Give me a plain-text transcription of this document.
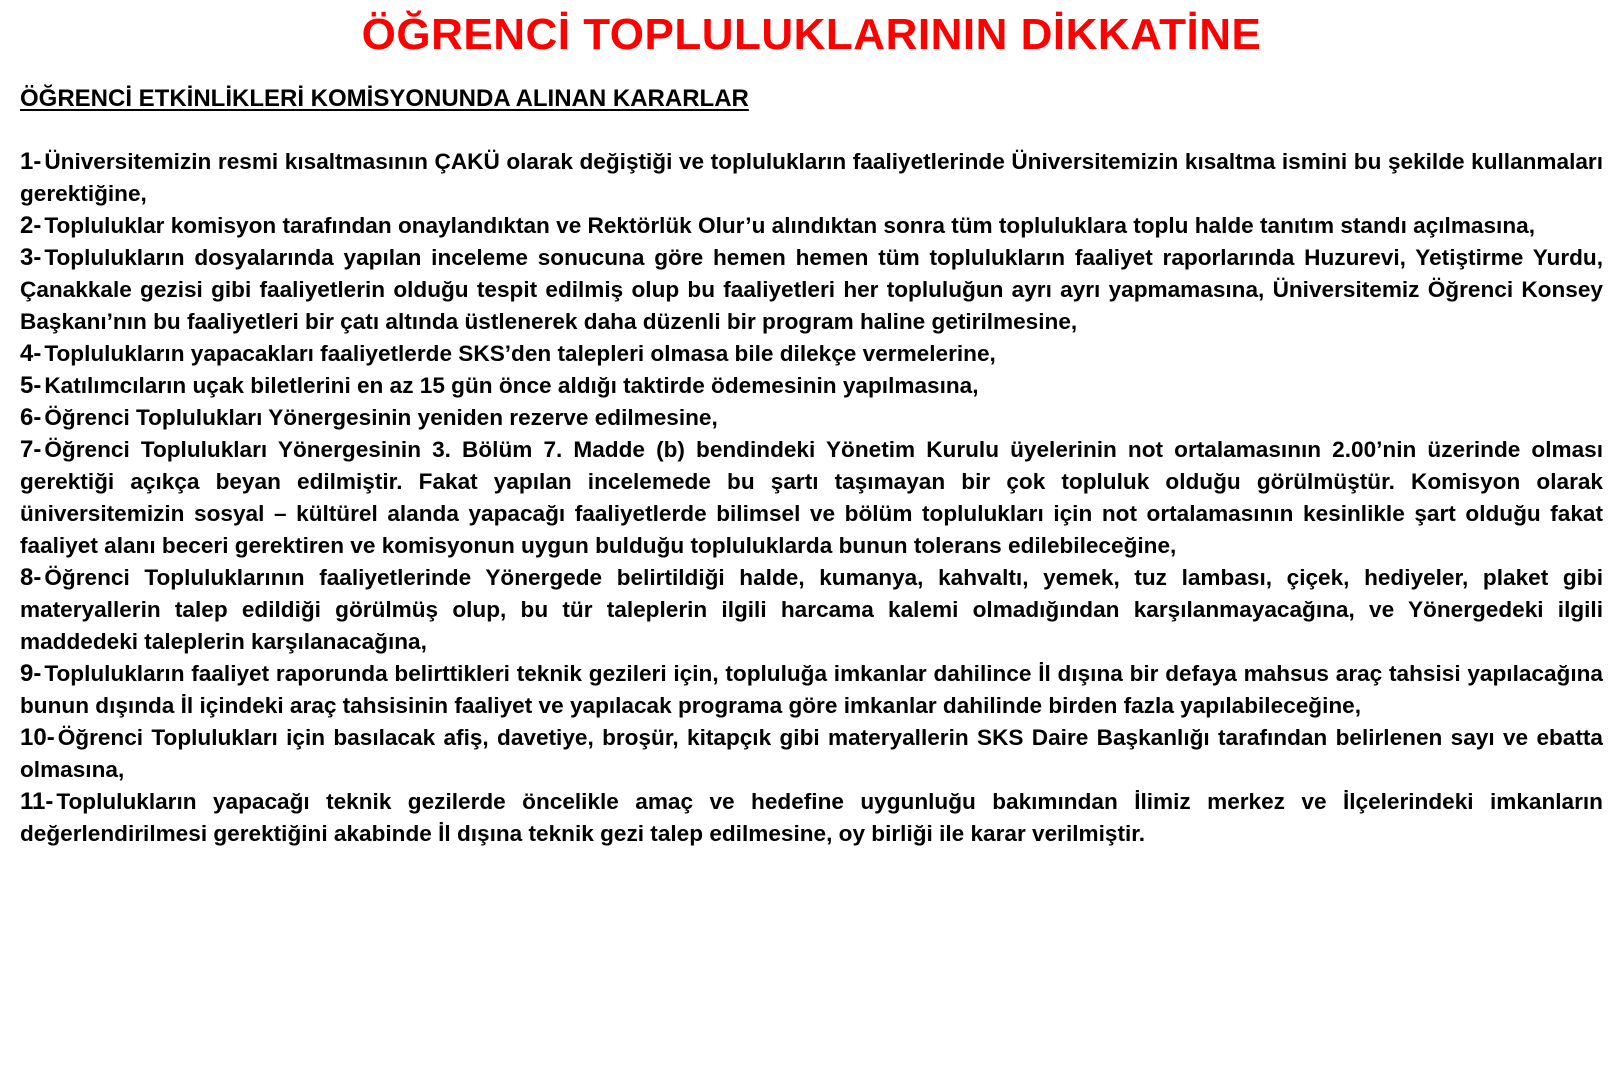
ÖĞRENCİ TOPLULUKLARININ DİKKATİNE
ÖĞRENCİ ETKİNLİKLERİ KOMİSYONUNDA ALINAN KARARLAR
1- Üniversitemizin resmi kısaltmasının ÇAKÜ olarak değiştiği ve toplulukların faaliyetlerinde Üniversitemizin kısaltma ismini bu şekilde kullanmaları gerektiğine,
2- Topluluklar komisyon tarafından onaylandıktan ve Rektörlük Olur’u alındıktan sonra tüm topluluklara toplu halde tanıtım standı açılmasına,
3- Toplulukların dosyalarında yapılan inceleme sonucuna göre hemen hemen tüm toplulukların faaliyet raporlarında Huzurevi, Yetiştirme Yurdu, Çanakkale gezisi gibi faaliyetlerin olduğu tespit edilmiş olup bu faaliyetleri her topluluğun ayrı ayrı yapmamasına, Üniversitemiz Öğrenci Konsey Başkanı’nın bu faaliyetleri bir çatı altında üstlenerek daha düzenli bir program haline getirilmesine,
4- Toplulukların yapacakları faaliyetlerde SKS’den talepleri olmasa bile dilekçe vermelerine,
5- Katılımcıların uçak biletlerini en az 15 gün önce aldığı taktirde ödemesinin yapılmasına,
6- Öğrenci Toplulukları Yönergesinin yeniden rezerve edilmesine,
7- Öğrenci Toplulukları Yönergesinin 3. Bölüm 7. Madde (b) bendindeki Yönetim Kurulu üyelerinin not ortalamasının 2.00’nin üzerinde olması gerektiği açıkça beyan edilmiştir. Fakat yapılan incelemede bu şartı taşımayan bir çok topluluk olduğu görülmüştür. Komisyon olarak üniversitemizin sosyal – kültürel alanda yapacağı faaliyetlerde bilimsel ve bölüm toplulukları için not ortalamasının kesinlikle şart olduğu fakat faaliyet alanı beceri gerektiren ve komisyonun uygun bulduğu topluluklarda bunun tolerans edilebileceğine,
8- Öğrenci Topluluklarının faaliyetlerinde Yönergede belirtildiği halde, kumanya, kahvaltı, yemek, tuz lambası, çiçek, hediyeler, plaket gibi materyallerin talep edildiği görülmüş olup, bu tür taleplerin ilgili harcama kalemi olmadığından karşılanmayacağına, ve Yönergedeki ilgili maddedeki taleplerin karşılanacağına,
9- Toplulukların faaliyet raporunda belirttikleri teknik gezileri için, topluluğa imkanlar dahilince İl dışına bir defaya mahsus araç tahsisi yapılacağına bunun dışında İl içindeki araç tahsisinin faaliyet ve yapılacak programa göre imkanlar dahilinde birden fazla yapılabileceğine,
10- Öğrenci Toplulukları için basılacak afiş, davetiye, broşür, kitapçık gibi materyallerin SKS Daire Başkanlığı tarafından belirlenen sayı ve ebatta olmasına,
11- Toplulukların yapacağı teknik gezilerde öncelikle amaç ve hedefine uygunluğu bakımından İlimiz merkez ve İlçelerindeki imkanların değerlendirilmesi gerektiğini akabinde İl dışına teknik gezi talep edilmesine, oy birliği ile karar verilmiştir.
